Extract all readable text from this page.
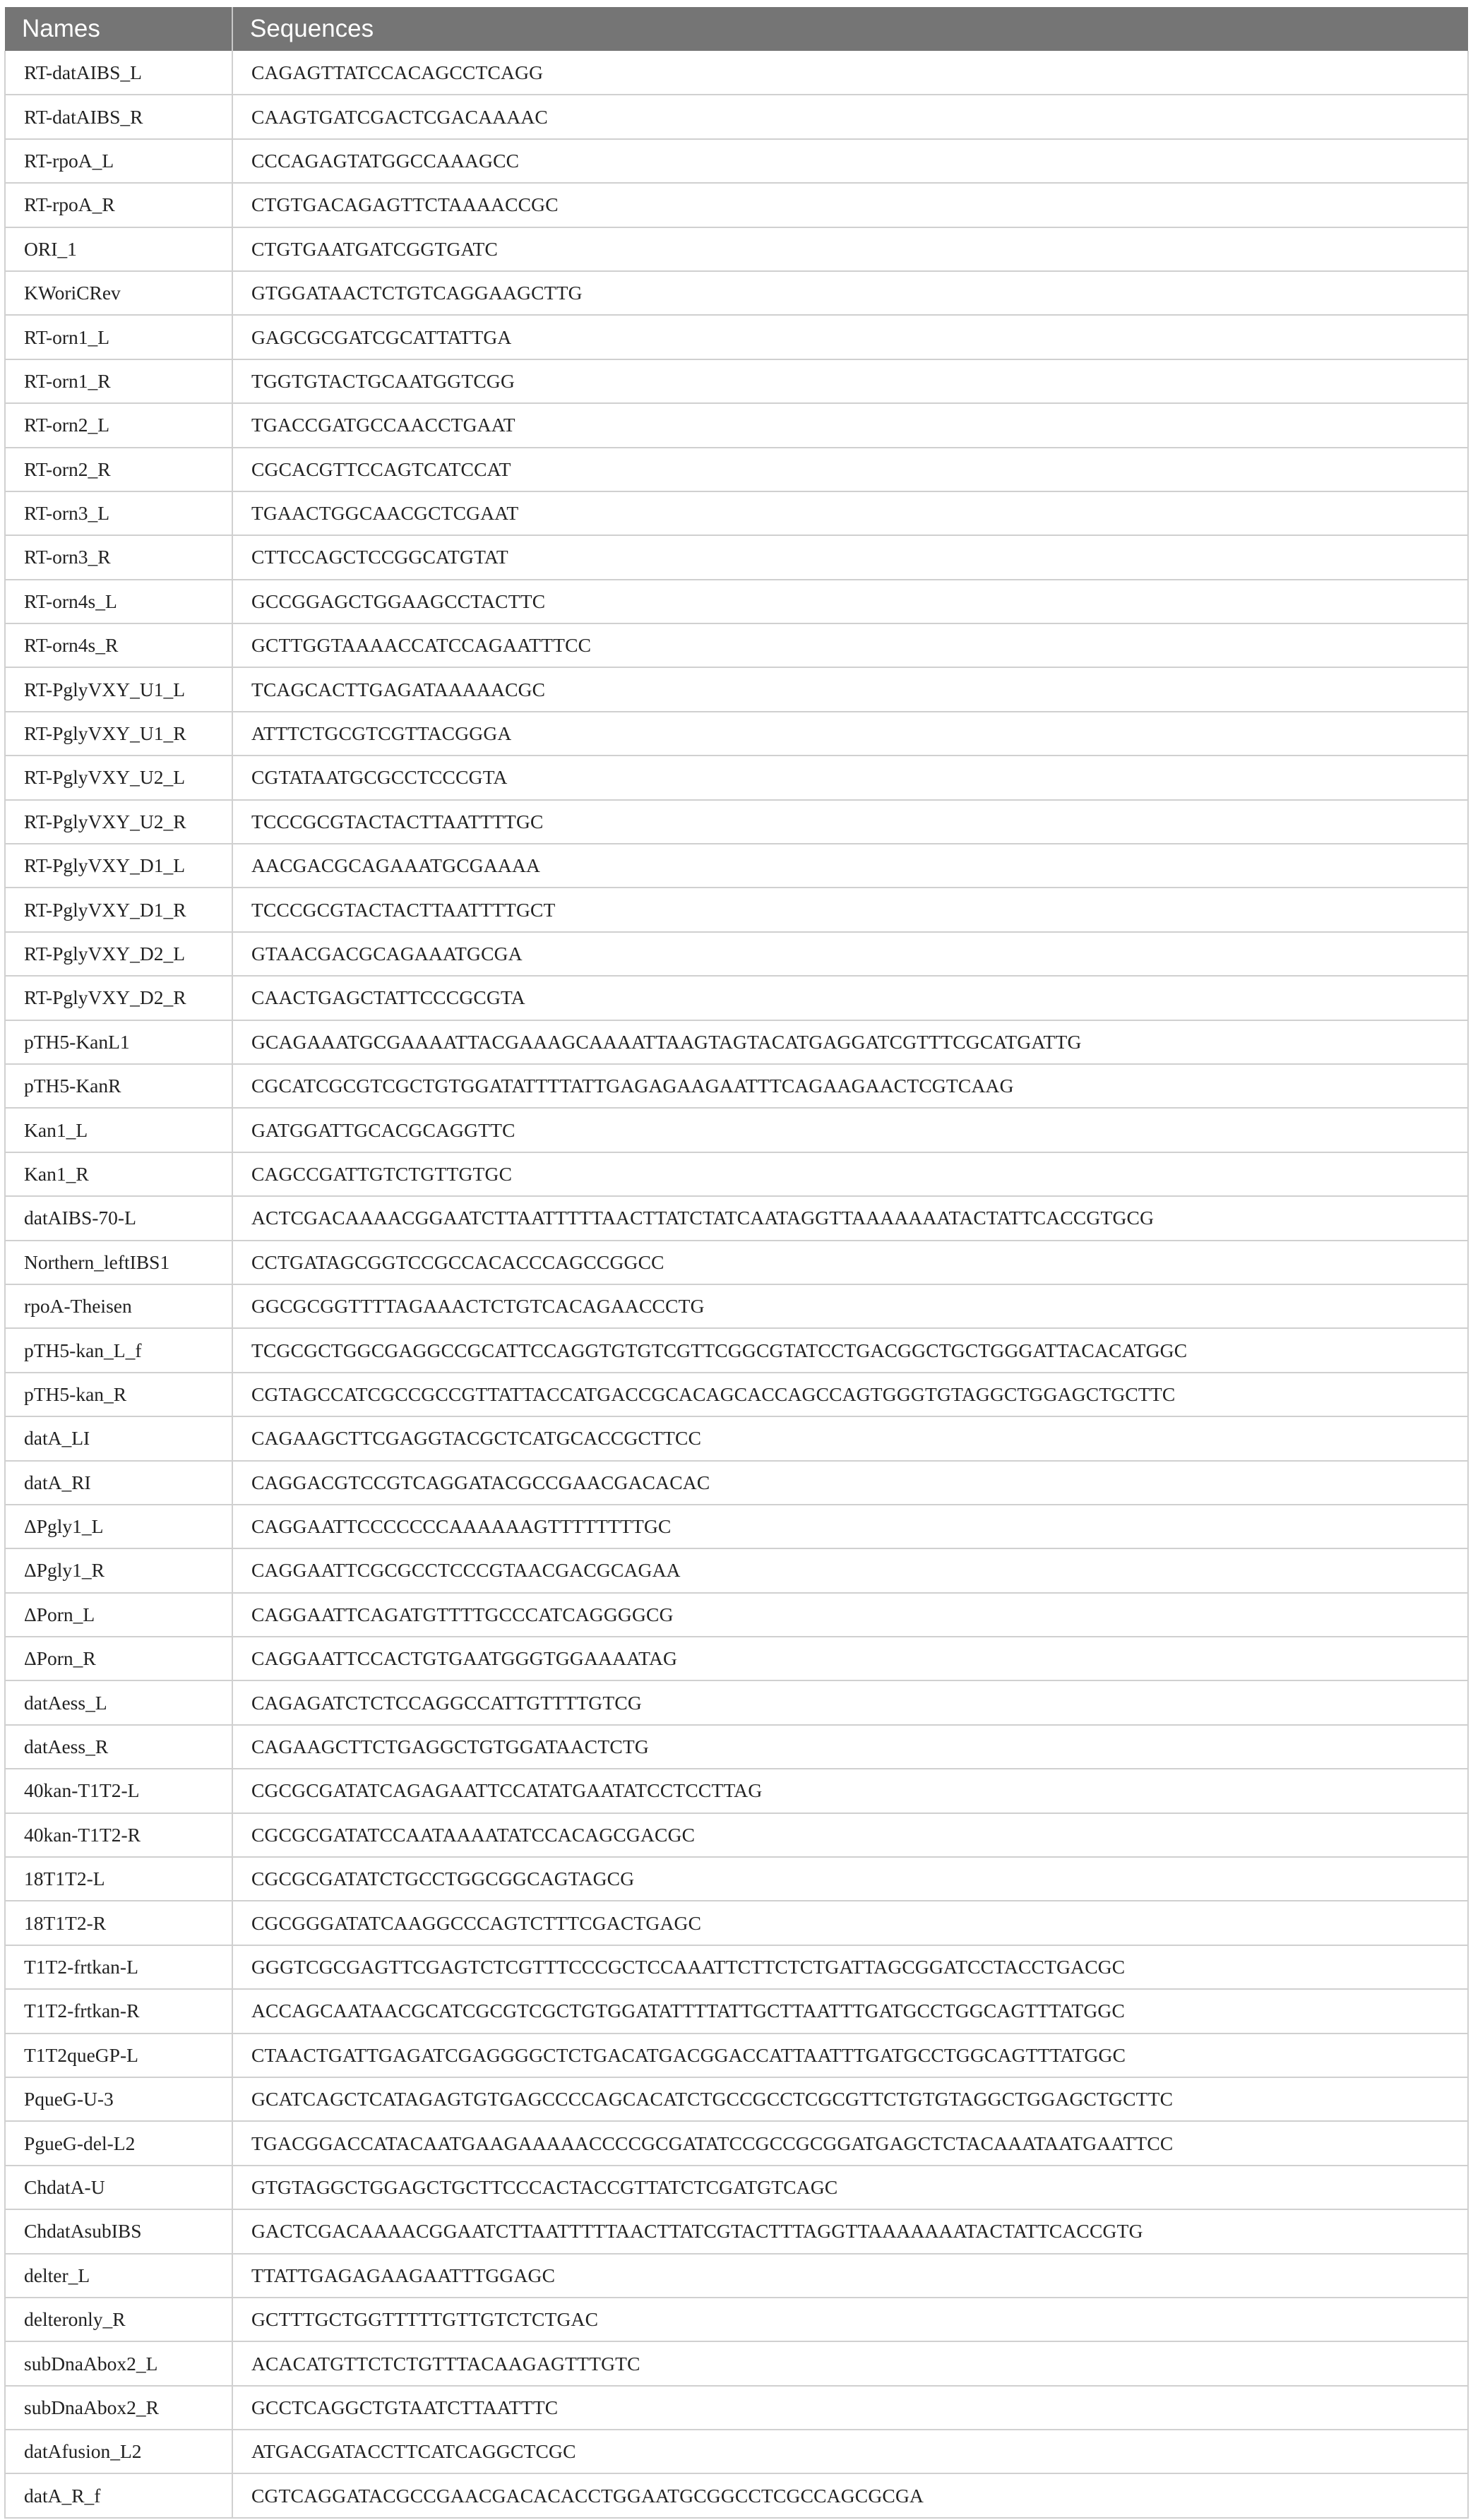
Names	Sequences
RT-datAIBS_L	CAGAGTTATCCACAGCCTCAGG
RT-datAIBS_R	CAAGTGATCGACTCGACAAAAC
RT-rpoA_L	CCCAGAGTATGGCCAAAGCC
RT-rpoA_R	CTGTGACAGAGTTCTAAAACCGC
ORI_1	CTGTGAATGATCGGTGATC
KWoriCRev	GTGGATAACTCTGTCAGGAAGCTTG
RT-orn1_L	GAGCGCGATCGCATTATTGA
RT-orn1_R	TGGTGTACTGCAATGGTCGG
RT-orn2_L	TGACCGATGCCAACCTGAAT
RT-orn2_R	CGCACGTTCCAGTCATCCAT
RT-orn3_L	TGAACTGGCAACGCTCGAAT
RT-orn3_R	CTTCCAGCTCCGGCATGTAT
RT-orn4s_L	GCCGGAGCTGGAAGCCTACTTC
RT-orn4s_R	GCTTGGTAAAACCATCCAGAATTTCC
RT-PglyVXY_U1_L	TCAGCACTTGAGATAAAAACGC
RT-PglyVXY_U1_R	ATTTCTGCGTCGTTACGGGA
RT-PglyVXY_U2_L	CGTATAATGCGCCTCCCGTA
RT-PglyVXY_U2_R	TCCCGCGTACTACTTAATTTTGC
RT-PglyVXY_D1_L	AACGACGCAGAAATGCGAAAA
RT-PglyVXY_D1_R	TCCCGCGTACTACTTAATTTTGCT
RT-PglyVXY_D2_L	GTAACGACGCAGAAATGCGA
RT-PglyVXY_D2_R	CAACTGAGCTATTCCCGCGTA
pTH5-KanL1	GCAGAAATGCGAAAATTACGAAAGCAAAATTAAGTAGTACATGAGGATCGTTTCGCATGATTG
pTH5-KanR	CGCATCGCGTCGCTGTGGATATTTTATTGAGAGAAGAATTTCAGAAGAACTCGTCAAG
Kan1_L	GATGGATTGCACGCAGGTTC
Kan1_R	CAGCCGATTGTCTGTTGTGC
datAIBS-70-L	ACTCGACAAAACGGAATCTTAATTTTTAACTTATCTATCAATAGGTTAAAAAAATACTATTCACCGTGCG
Northern_leftIBS1	CCTGATAGCGGTCCGCCACACCCAGCCGGCC
rpoA-Theisen	GGCGCGGTTTTAGAAACTCTGTCACAGAACCCTG
pTH5-kan_L_f	TCGCGCTGGCGAGGCCGCATTCCAGGTGTGTCGTTCGGCGTATCCTGACGGCTGCTGGGATTACACATGGC
pTH5-kan_R	CGTAGCCATCGCCGCCGTTATTACCATGACCGCACAGCACCAGCCAGTGGGTGTAGGCTGGAGCTGCTTC
datA_LI	CAGAAGCTTCGAGGTACGCTCATGCACCGCTTCC
datA_RI	CAGGACGTCCGTCAGGATACGCCGAACGACACAC
ΔPgly1_L	CAGGAATTCCCCCCCAAAAAAGTTTTTTTTGC
ΔPgly1_R	CAGGAATTCGCGCCTCCCGTAACGACGCAGAA
ΔPorn_L	CAGGAATTCAGATGTTTTGCCCATCAGGGGCG
ΔPorn_R	CAGGAATTCCACTGTGAATGGGTGGAAAATAG
datAess_L	CAGAGATCTCTCCAGGCCATTGTTTTGTCG
datAess_R	CAGAAGCTTCTGAGGCTGTGGATAACTCTG
40kan-T1T2-L	CGCGCGATATCAGAGAATTCCATATGAATATCCTCCTTAG
40kan-T1T2-R	CGCGCGATATCCAATAAAATATCCACAGCGACGC
18T1T2-L	CGCGCGATATCTGCCTGGCGGCAGTAGCG
18T1T2-R	CGCGGGATATCAAGGCCCAGTCTTTCGACTGAGC
T1T2-frtkan-L	GGGTCGCGAGTTCGAGTCTCGTTTCCCGCTCCAAATTCTTCTCTGATTAGCGGATCCTACCTGACGC
T1T2-frtkan-R	ACCAGCAATAACGCATCGCGTCGCTGTGGATATTTTATTGCTTAATTTGATGCCTGGCAGTTTATGGC
T1T2queGP-L	CTAACTGATTGAGATCGAGGGGCTCTGACATGACGGACCATTAATTTGATGCCTGGCAGTTTATGGC
PqueG-U-3	GCATCAGCTCATAGAGTGTGAGCCCCAGCACATCTGCCGCCTCGCGTTCTGTGTAGGCTGGAGCTGCTTC
PgueG-del-L2	TGACGGACCATACAATGAAGAAAAACCCCGCGATATCCGCCGCGGATGAGCTCTACAAATAATGAATTCC
ChdatA-U	GTGTAGGCTGGAGCTGCTTCCCACTACCGTTATCTCGATGTCAGC
ChdatAsubIBS	GACTCGACAAAACGGAATCTTAATTTTTAACTTATCGTACTTTAGGTTAAAAAAATACTATTCACCGTG
delter_L	TTATTGAGAGAAGAATTTGGAGC
delteronly_R	GCTTTGCTGGTTTTTGTTGTCTCTGAC
subDnaAbox2_L	ACACATGTTCTCTGTTTACAAGAGTTTGTC
subDnaAbox2_R	GCCTCAGGCTGTAATCTTAATTTC
datAfusion_L2	ATGACGATACCTTCATCAGGCTCGC
datA_R_f	CGTCAGGATACGCCGAACGACACACCTGGAATGCGGCCTCGCCAGCGCGA
